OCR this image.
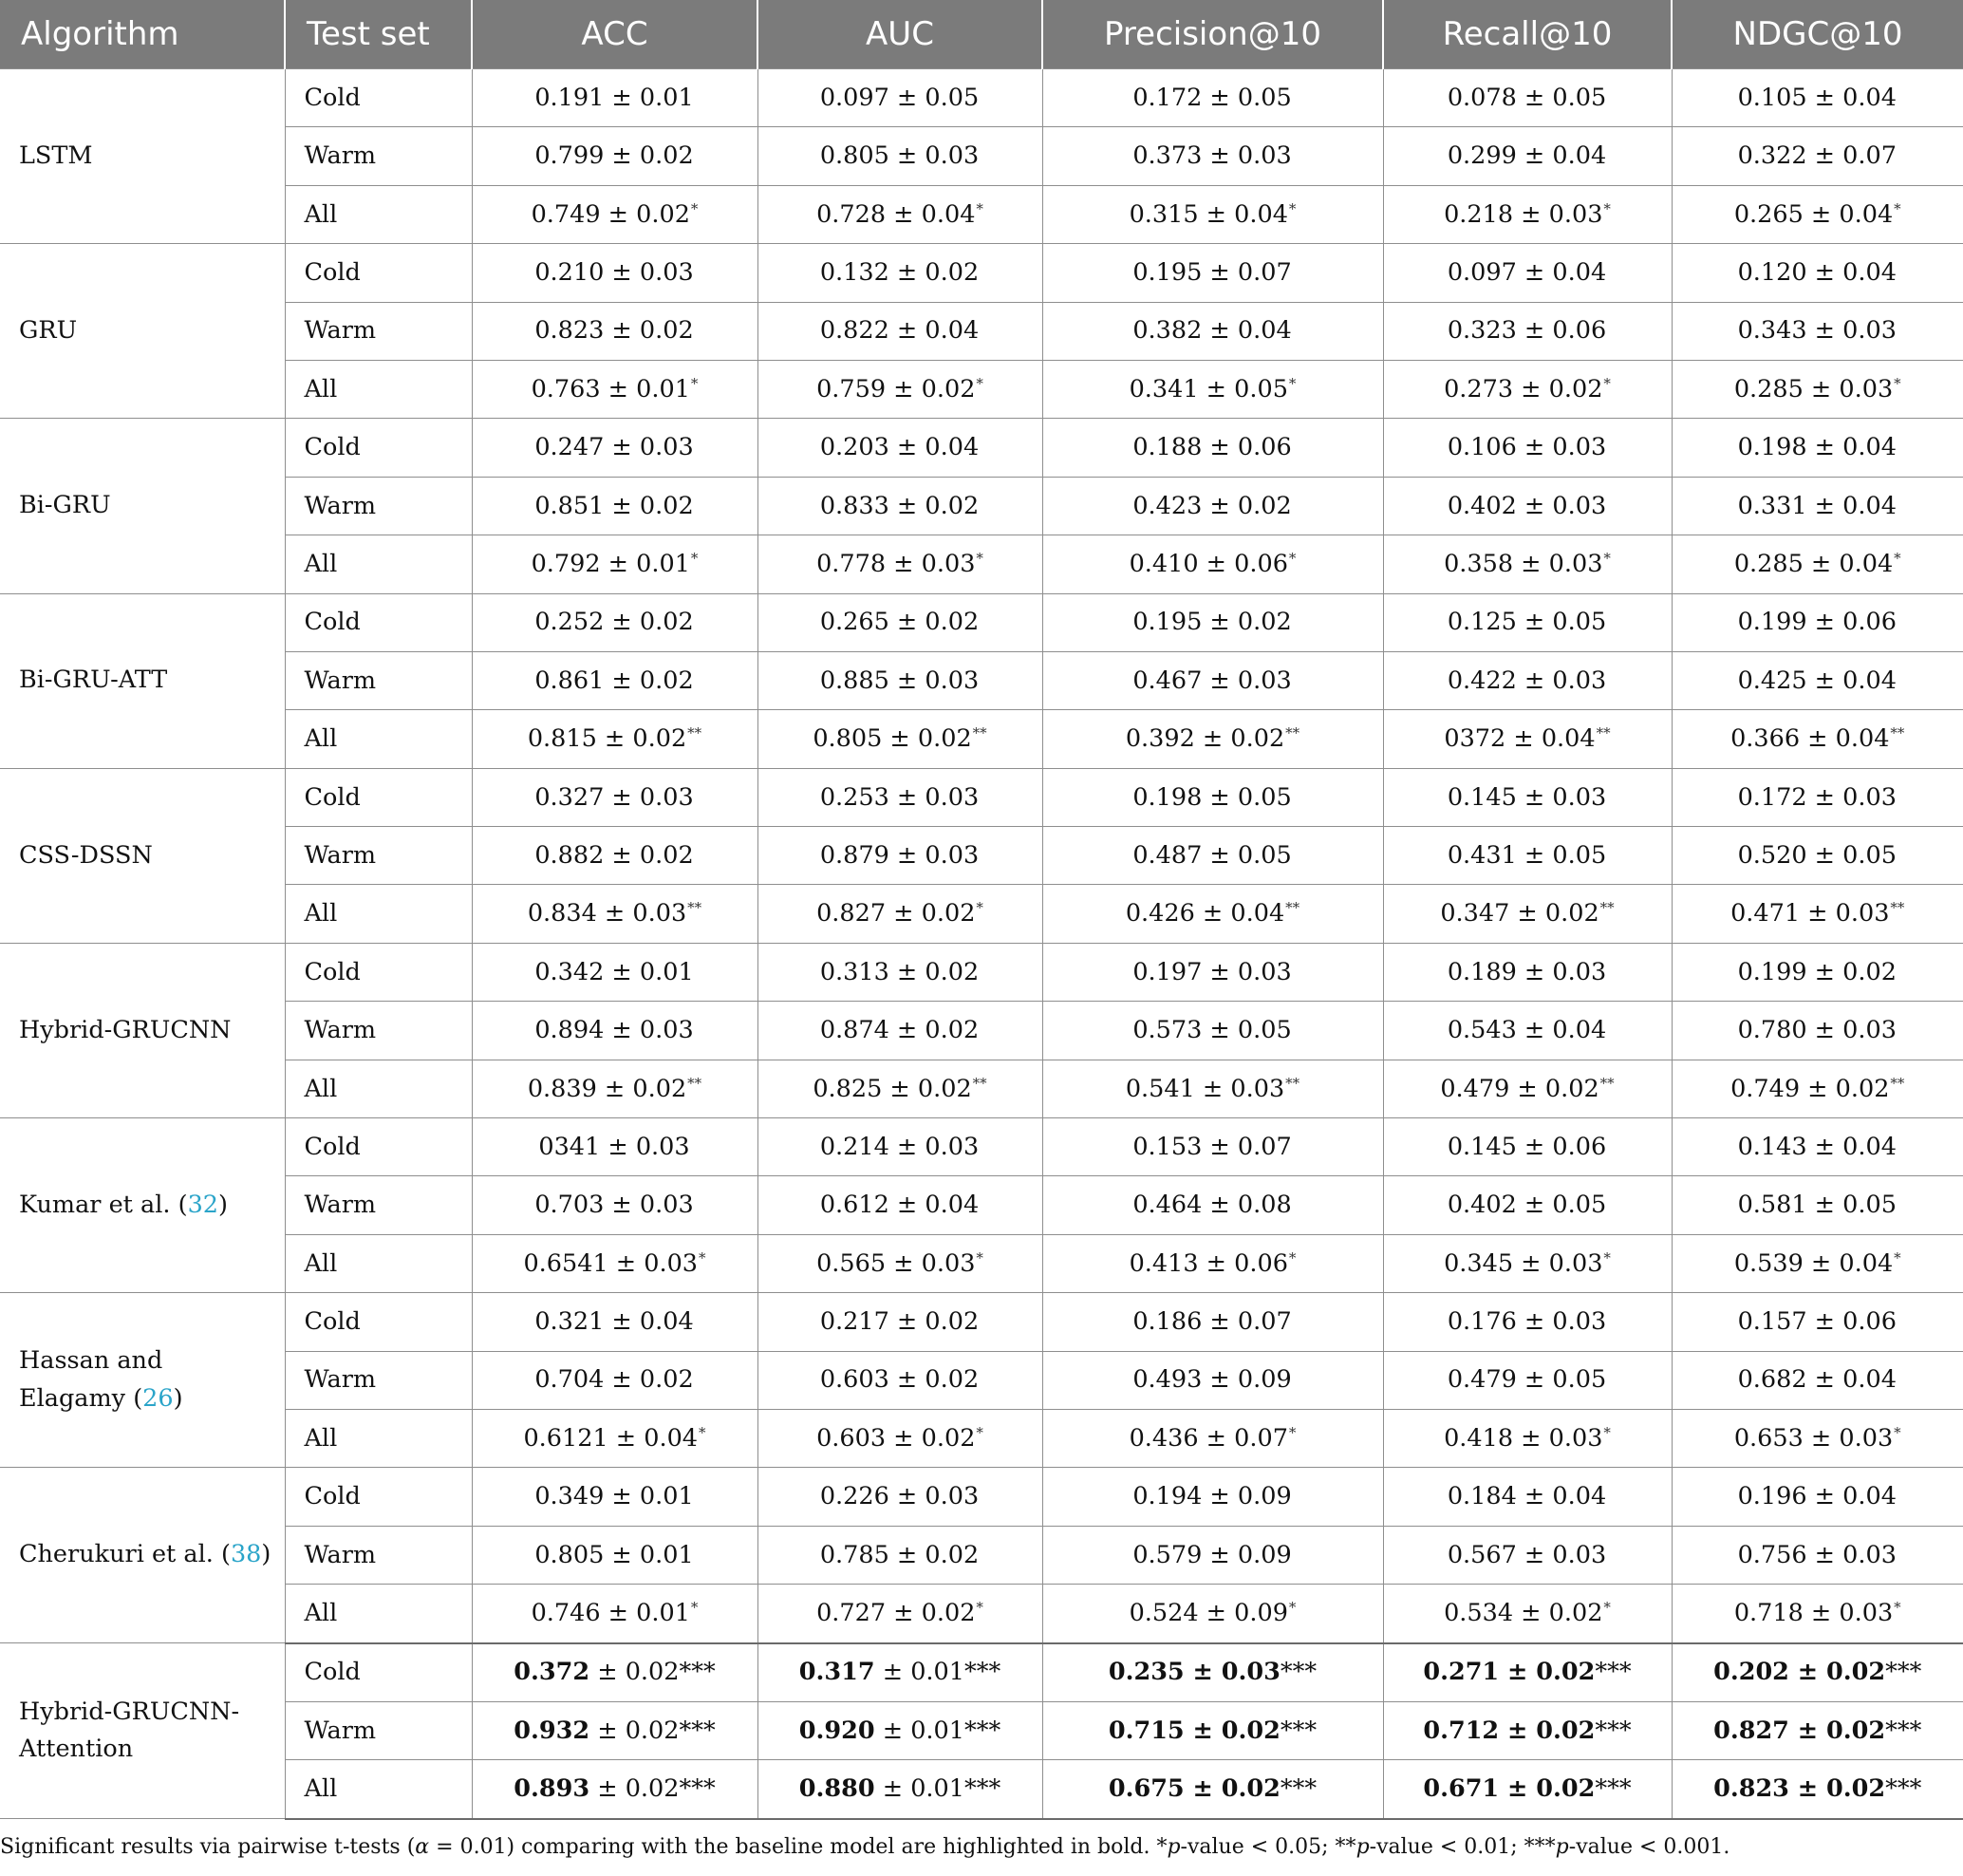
Algorithm	Test set	ACC	AUC	Precision@10	Recall@10	NDGC@10
LSTM	Cold	0.191 ± 0.01	0.097 ± 0.05	0.172 ± 0.05	0.078 ± 0.05	0.105 ± 0.04
	Warm	0.799 ± 0.02	0.805 ± 0.03	0.373 ± 0.03	0.299 ± 0.04	0.322 ± 0.07
	All	0.749 ± 0.02*	0.728 ± 0.04*	0.315 ± 0.04*	0.218 ± 0.03*	0.265 ± 0.04*
GRU	Cold	0.210 ± 0.03	0.132 ± 0.02	0.195 ± 0.07	0.097 ± 0.04	0.120 ± 0.04
	Warm	0.823 ± 0.02	0.822 ± 0.04	0.382 ± 0.04	0.323 ± 0.06	0.343 ± 0.03
	All	0.763 ± 0.01*	0.759 ± 0.02*	0.341 ± 0.05*	0.273 ± 0.02*	0.285 ± 0.03*
Bi-GRU	Cold	0.247 ± 0.03	0.203 ± 0.04	0.188 ± 0.06	0.106 ± 0.03	0.198 ± 0.04
	Warm	0.851 ± 0.02	0.833 ± 0.02	0.423 ± 0.02	0.402 ± 0.03	0.331 ± 0.04
	All	0.792 ± 0.01*	0.778 ± 0.03*	0.410 ± 0.06*	0.358 ± 0.03*	0.285 ± 0.04*
Bi-GRU-ATT	Cold	0.252 ± 0.02	0.265 ± 0.02	0.195 ± 0.02	0.125 ± 0.05	0.199 ± 0.06
	Warm	0.861 ± 0.02	0.885 ± 0.03	0.467 ± 0.03	0.422 ± 0.03	0.425 ± 0.04
	All	0.815 ± 0.02**	0.805 ± 0.02**	0.392 ± 0.02**	0372 ± 0.04**	0.366 ± 0.04**
CSS-DSSN	Cold	0.327 ± 0.03	0.253 ± 0.03	0.198 ± 0.05	0.145 ± 0.03	0.172 ± 0.03
	Warm	0.882 ± 0.02	0.879 ± 0.03	0.487 ± 0.05	0.431 ± 0.05	0.520 ± 0.05
	All	0.834 ± 0.03**	0.827 ± 0.02*	0.426 ± 0.04**	0.347 ± 0.02**	0.471 ± 0.03**
Hybrid-GRUCNN	Cold	0.342 ± 0.01	0.313 ± 0.02	0.197 ± 0.03	0.189 ± 0.03	0.199 ± 0.02
	Warm	0.894 ± 0.03	0.874 ± 0.02	0.573 ± 0.05	0.543 ± 0.04	0.780 ± 0.03
	All	0.839 ± 0.02**	0.825 ± 0.02**	0.541 ± 0.03**	0.479 ± 0.02**	0.749 ± 0.02**
Kumar et al. (32)	Cold	0341 ± 0.03	0.214 ± 0.03	0.153 ± 0.07	0.145 ± 0.06	0.143 ± 0.04
	Warm	0.703 ± 0.03	0.612 ± 0.04	0.464 ± 0.08	0.402 ± 0.05	0.581 ± 0.05
	All	0.6541 ± 0.03*	0.565 ± 0.03*	0.413 ± 0.06*	0.345 ± 0.03*	0.539 ± 0.04*
Hassan and Elagamy (26)	Cold	0.321 ± 0.04	0.217 ± 0.02	0.186 ± 0.07	0.176 ± 0.03	0.157 ± 0.06
	Warm	0.704 ± 0.02	0.603 ± 0.02	0.493 ± 0.09	0.479 ± 0.05	0.682 ± 0.04
	All	0.6121 ± 0.04*	0.603 ± 0.02*	0.436 ± 0.07*	0.418 ± 0.03*	0.653 ± 0.03*
Cherukuri et al. (38)	Cold	0.349 ± 0.01	0.226 ± 0.03	0.194 ± 0.09	0.184 ± 0.04	0.196 ± 0.04
	Warm	0.805 ± 0.01	0.785 ± 0.02	0.579 ± 0.09	0.567 ± 0.03	0.756 ± 0.03
	All	0.746 ± 0.01*	0.727 ± 0.02*	0.524 ± 0.09*	0.534 ± 0.02*	0.718 ± 0.03*
Hybrid-GRUCNN-Attention	Cold	0.372 ± 0.02***	0.317 ± 0.01***	0.235 ± 0.03***	0.271 ± 0.02***	0.202 ± 0.02***
	Warm	0.932 ± 0.02***	0.920 ± 0.01***	0.715 ± 0.02***	0.712 ± 0.02***	0.827 ± 0.02***
	All	0.893 ± 0.02***	0.880 ± 0.01***	0.675 ± 0.02***	0.671 ± 0.02***	0.823 ± 0.02***
Significant results via pairwise t-tests (α = 0.01) comparing with the baseline model are highlighted in bold. *p-value < 0.05; **p-value < 0.01; ***p-value < 0.001.
